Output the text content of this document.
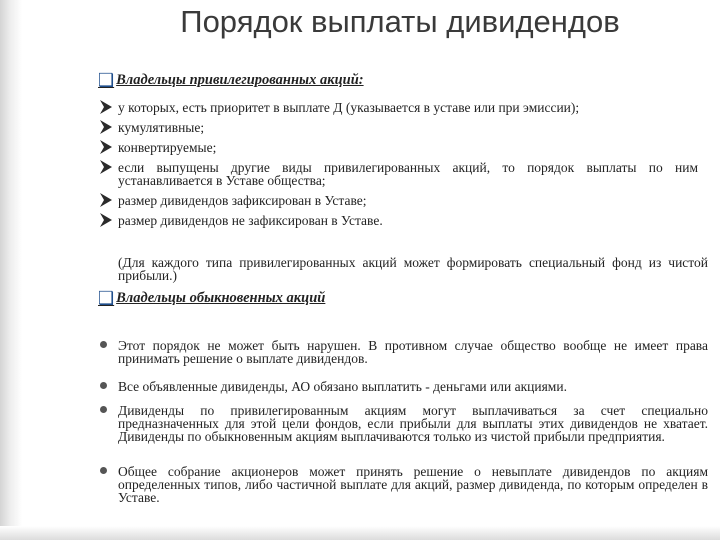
Порядок выплаты дивидендов
❑ Владельцы привилегированных акций:
у которых, есть приоритет в выплате Д (указывается в уставе или при эмиссии);
кумулятивные;
конвертируемые;
если выпущены другие виды привилегированных акций, то порядок выплаты по ним устанавливается в Уставе общества;
размер дивидендов зафиксирован в Уставе;
размер дивидендов не зафиксирован в Уставе.
(Для каждого типа привилегированных акций может формировать специальный фонд из чистой прибыли.)
❑ Владельцы обыкновенных акций
Этот порядок не может быть нарушен. В противном случае общество вообще не имеет права принимать решение о выплате дивидендов.
Все объявленные дивиденды, АО обязано выплатить - деньгами или акциями.
Дивиденды по привилегированным акциям могут выплачиваться за счет специально предназначенных для этой цели фондов, если прибыли для выплаты этих дивидендов не хватает. Дивиденды по обыкновенным акциям выплачиваются только из чистой прибыли предприятия.
Общее собрание акционеров может принять решение о невыплате дивидендов по акциям определенных типов, либо частичной выплате для акций, размер дивиденда, по которым определен в Уставе.
